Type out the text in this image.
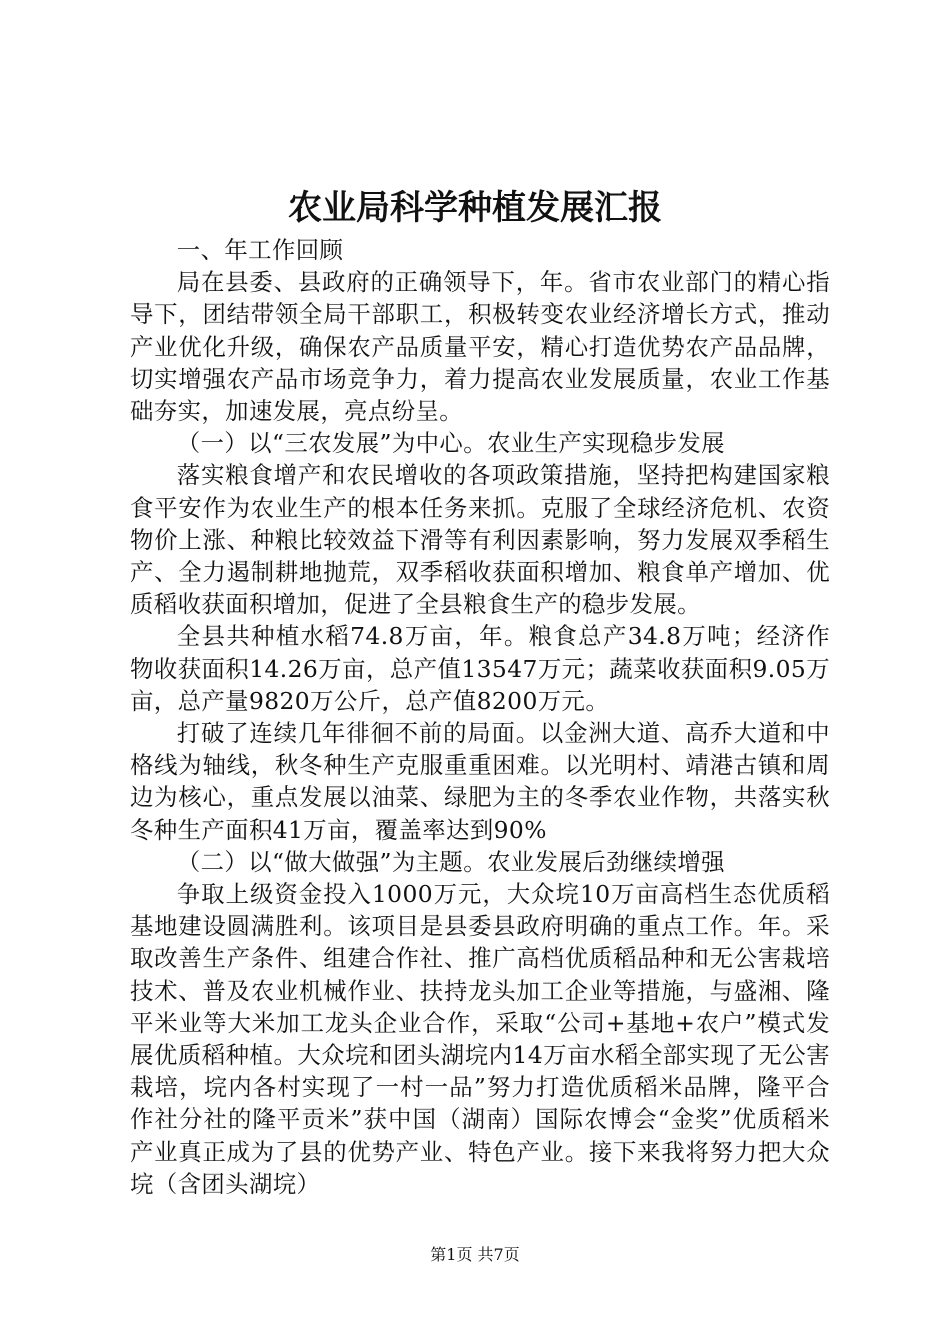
农业局科学种植发展汇报

一、年工作回顾

局在县委、县政府的正确领导下，年。省市农业部门的精心指导下，团结带领全局干部职工，积极转变农业经济增长方式，推动产业优化升级，确保农产品质量平安，精心打造优势农产品品牌，切实增强农产品市场竞争力，着力提高农业发展质量，农业工作基础夯实，加速发展，亮点纷呈。

（一）以“三农发展”为中心。农业生产实现稳步发展

落实粮食增产和农民增收的各项政策措施，坚持把构建国家粮食平安作为农业生产的根本任务来抓。克服了全球经济危机、农资物价上涨、种粮比较效益下滑等有利因素影响，努力发展双季稻生产、全力遏制耕地抛荒，双季稻收获面积增加、粮食单产增加、优质稻收获面积增加，促进了全县粮食生产的稳步发展。

全县共种植水稻74.8万亩，年。粮食总产34.8万吨；经济作物收获面积14.26万亩，总产值13547万元；蔬菜收获面积9.05万亩，总产量9820万公斤，总产值8200万元。

打破了连续几年徘徊不前的局面。以金洲大道、高乔大道和中格线为轴线，秋冬种生产克服重重困难。以光明村、靖港古镇和周边为核心，重点发展以油菜、绿肥为主的冬季农业作物，共落实秋冬种生产面积41万亩，覆盖率达到90%

（二）以“做大做强”为主题。农业发展后劲继续增强

争取上级资金投入1000万元，大众垸10万亩高档生态优质稻基地建设圆满胜利。该项目是县委县政府明确的重点工作。年。采取改善生产条件、组建合作社、推广高档优质稻品种和无公害栽培技术、普及农业机械作业、扶持龙头加工企业等措施，与盛湘、隆平米业等大米加工龙头企业合作，采取“公司+基地+农户”模式发展优质稻种植。大众垸和团头湖垸内14万亩水稻全部实现了无公害栽培，垸内各村实现了一村一品”努力打造优质稻米品牌，隆平合作社分社的隆平贡米”获中国（湖南）国际农博会“金奖”优质稻米产业真正成为了县的优势产业、特色产业。接下来我将努力把大众垸（含团头湖垸）

第1页 共7页
